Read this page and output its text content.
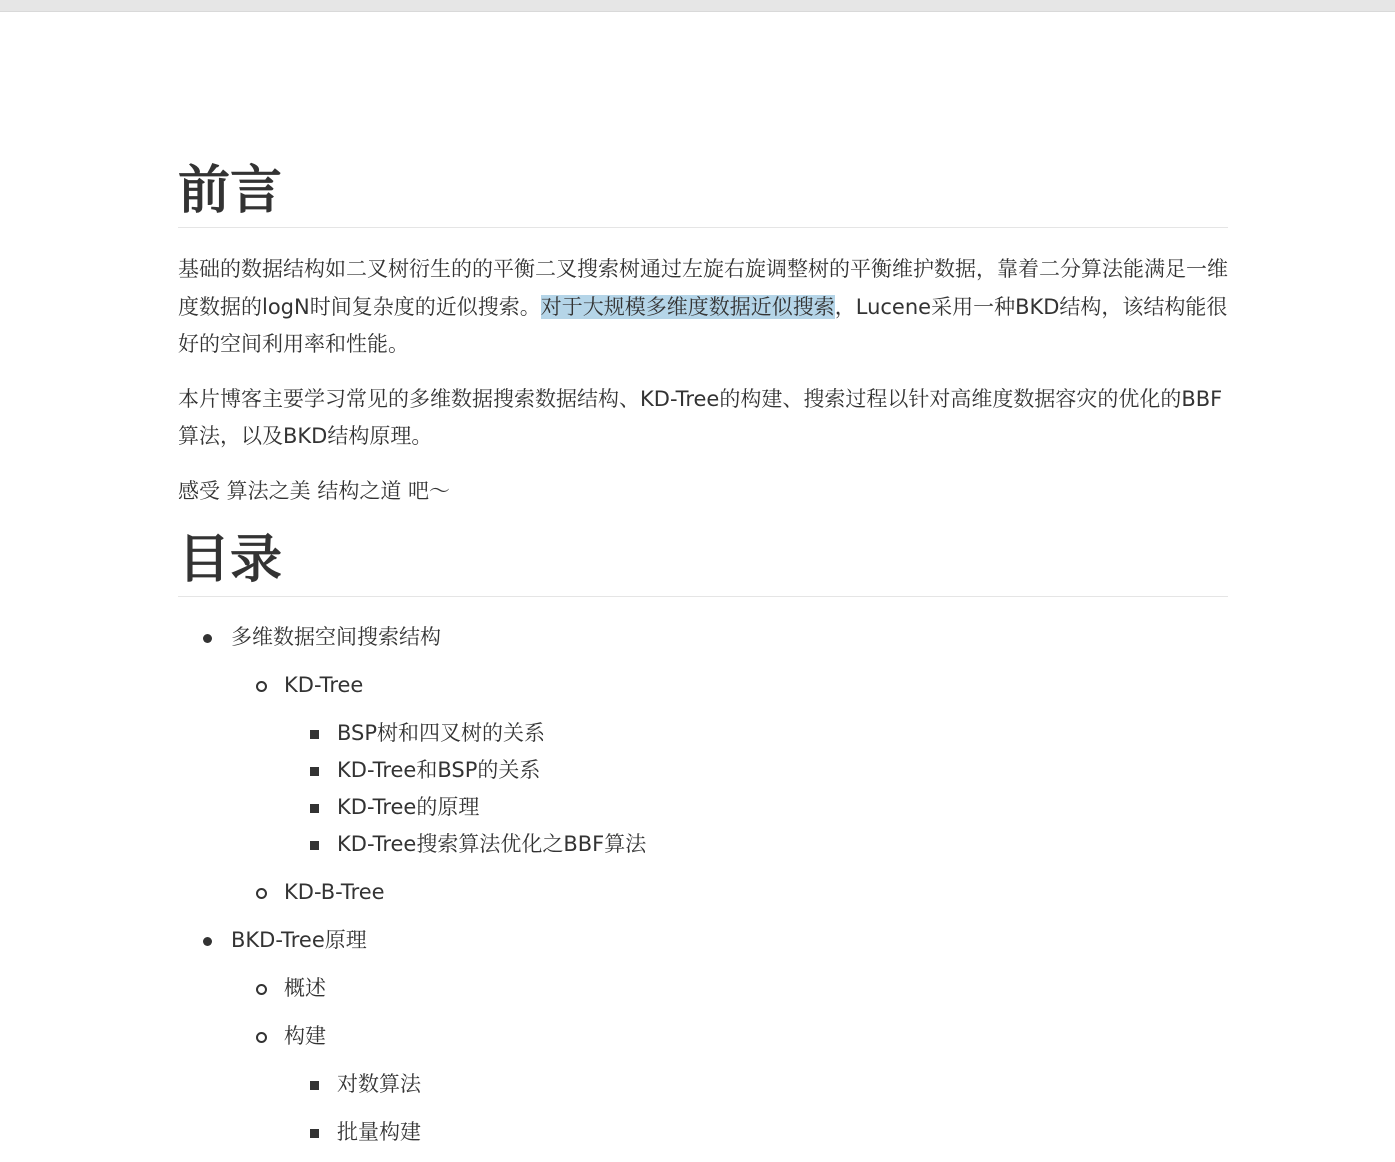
前言

基础的数据结构如二叉树衍生的的平衡二叉搜索树通过左旋右旋调整树的平衡维护数据，靠着二分算法能满足一维度数据的logN时间复杂度的近似搜索。对于大规模多维度数据近似搜索，Lucene采用一种BKD结构，该结构能很好的空间利用率和性能。

本片博客主要学习常见的多维数据搜索数据结构、KD-Tree的构建、搜索过程以针对高维度数据容灾的优化的BBF算法，以及BKD结构原理。

感受 算法之美 结构之道 吧～

目录
多维数据空间搜索结构
KD-Tree
BSP树和四叉树的关系
KD-Tree和BSP的关系
KD-Tree的原理
KD-Tree搜索算法优化之BBF算法
KD-B-Tree
BKD-Tree原理
概述
构建
对数算法
批量构建
